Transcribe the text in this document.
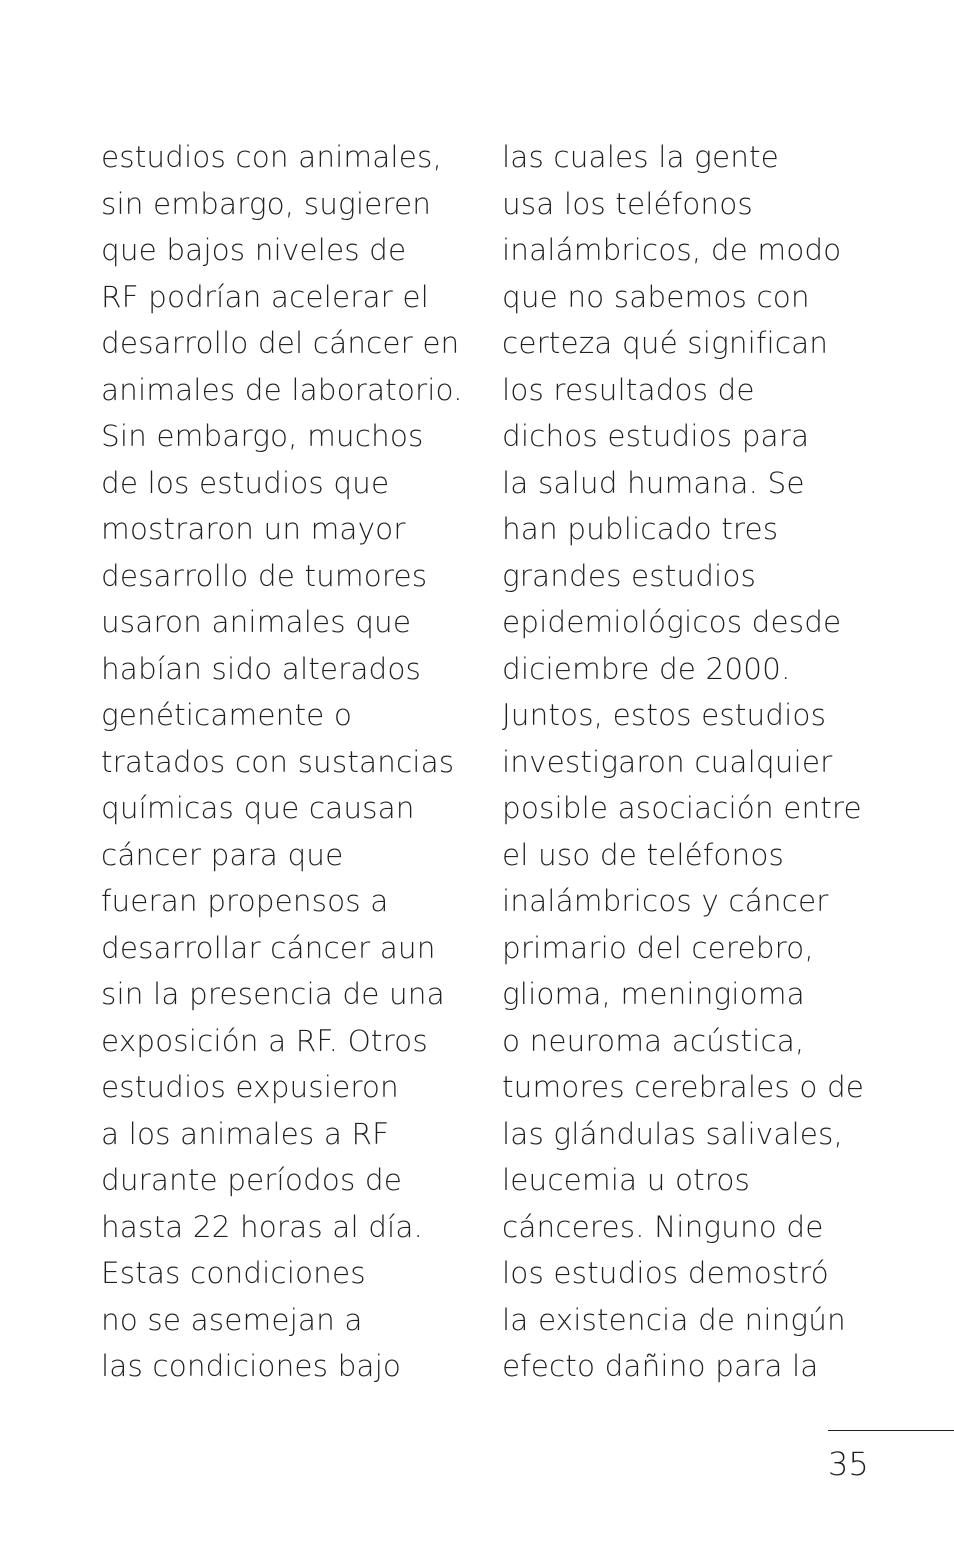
estudios con animales,
sin embargo, sugieren
que bajos niveles de
RF podrían acelerar el
desarrollo del cáncer en
animales de laboratorio.
Sin embargo, muchos
de los estudios que
mostraron un mayor
desarrollo de tumores
usaron animales que
habían sido alterados
genéticamente o
tratados con sustancias
químicas que causan
cáncer para que
fueran propensos a
desarrollar cáncer aun
sin la presencia de una
exposición a RF. Otros
estudios expusieron
a los animales a RF
durante períodos de
hasta 22 horas al día.
Estas condiciones
no se asemejan a
las condiciones bajo
las cuales la gente
usa los teléfonos
inalámbricos, de modo
que no sabemos con
certeza qué significan
los resultados de
dichos estudios para
la salud humana. Se
han publicado tres
grandes estudios
epidemiológicos desde
diciembre de 2000.
Juntos, estos estudios
investigaron cualquier
posible asociación entre
el uso de teléfonos
inalámbricos y cáncer
primario del cerebro,
glioma, meningioma
o neuroma acústica,
tumores cerebrales o de
las glándulas salivales,
leucemia u otros
cánceres. Ninguno de
los estudios demostró
la existencia de ningún
efecto dañino para la
35
